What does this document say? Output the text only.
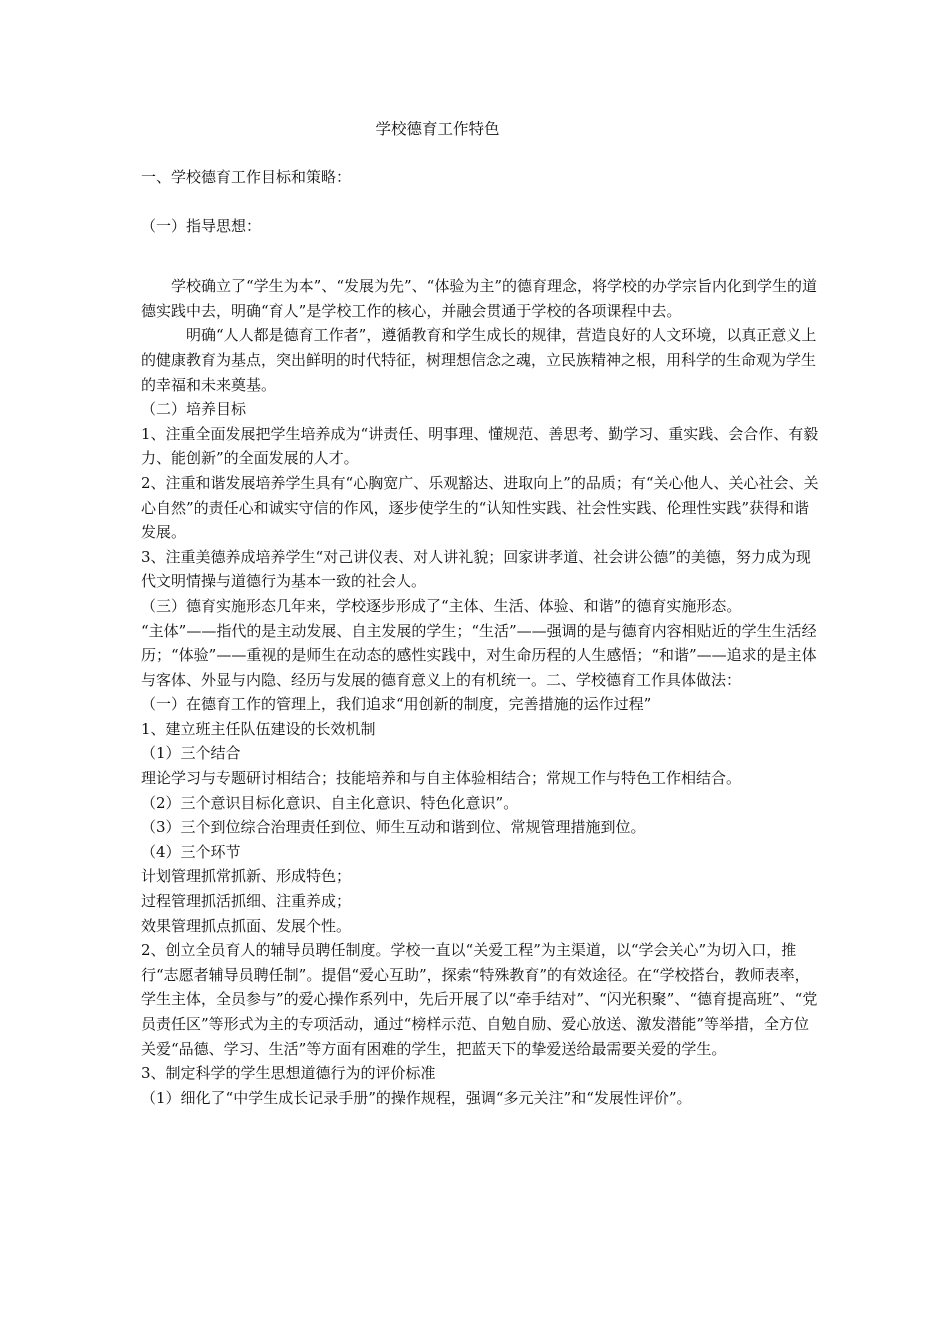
学校德育工作特色

一、学校德育工作目标和策略：

（一）指导思想：

学校确立了“学生为本”、“发展为先”、“体验为主”的德育理念，将学校的办学宗旨内化到学生的道德实践中去，明确“育人”是学校工作的核心，并融会贯通于学校的各项课程中去。

明确“人人都是德育工作者”，遵循教育和学生成长的规律，营造良好的人文环境，以真正意义上的健康教育为基点，突出鲜明的时代特征，树理想信念之魂，立民族精神之根，用科学的生命观为学生的幸福和未来奠基。

（二）培养目标

1、注重全面发展把学生培养成为“讲责任、明事理、懂规范、善思考、勤学习、重实践、会合作、有毅力、能创新”的全面发展的人才。

2、注重和谐发展培养学生具有“心胸宽广、乐观豁达、进取向上”的品质；有“关心他人、关心社会、关心自然”的责任心和诚实守信的作风，逐步使学生的“认知性实践、社会性实践、伦理性实践”获得和谐发展。

3、注重美德养成培养学生“对己讲仪表、对人讲礼貌；回家讲孝道、社会讲公德”的美德，努力成为现代文明情操与道德行为基本一致的社会人。

（三）德育实施形态几年来，学校逐步形成了“主体、生活、体验、和谐”的德育实施形态。

“主体”——指代的是主动发展、自主发展的学生；“生活”——强调的是与德育内容相贴近的学生生活经历；“体验”——重视的是师生在动态的感性实践中，对生命历程的人生感悟；“和谐”——追求的是主体与客体、外显与内隐、经历与发展的德育意义上的有机统一。二、学校德育工作具体做法：

（一）在德育工作的管理上，我们追求“用创新的制度，完善措施的运作过程”

1、建立班主任队伍建设的长效机制

（1）三个结合

理论学习与专题研讨相结合；技能培养和与自主体验相结合；常规工作与特色工作相结合。

（2）三个意识目标化意识、自主化意识、特色化意识”。

（3）三个到位综合治理责任到位、师生互动和谐到位、常规管理措施到位。

（4）三个环节

计划管理抓常抓新、形成特色；

过程管理抓活抓细、注重养成；

效果管理抓点抓面、发展个性。

2、创立全员育人的辅导员聘任制度。学校一直以“关爱工程”为主渠道，以“学会关心”为切入口，推行“志愿者辅导员聘任制”。提倡“爱心互助”，探索“特殊教育”的有效途径。在“学校搭台，教师表率，学生主体，全员参与”的爱心操作系列中，先后开展了以“牵手结对”、“闪光积聚”、“德育提高班”、“党员责任区”等形式为主的专项活动，通过“榜样示范、自勉自励、爱心放送、激发潜能”等举措，全方位关爱“品德、学习、生活”等方面有困难的学生，把蓝天下的挚爱送给最需要关爱的学生。

3、制定科学的学生思想道德行为的评价标准

（1）细化了“中学生成长记录手册”的操作规程，强调“多元关注”和“发展性评价”。
